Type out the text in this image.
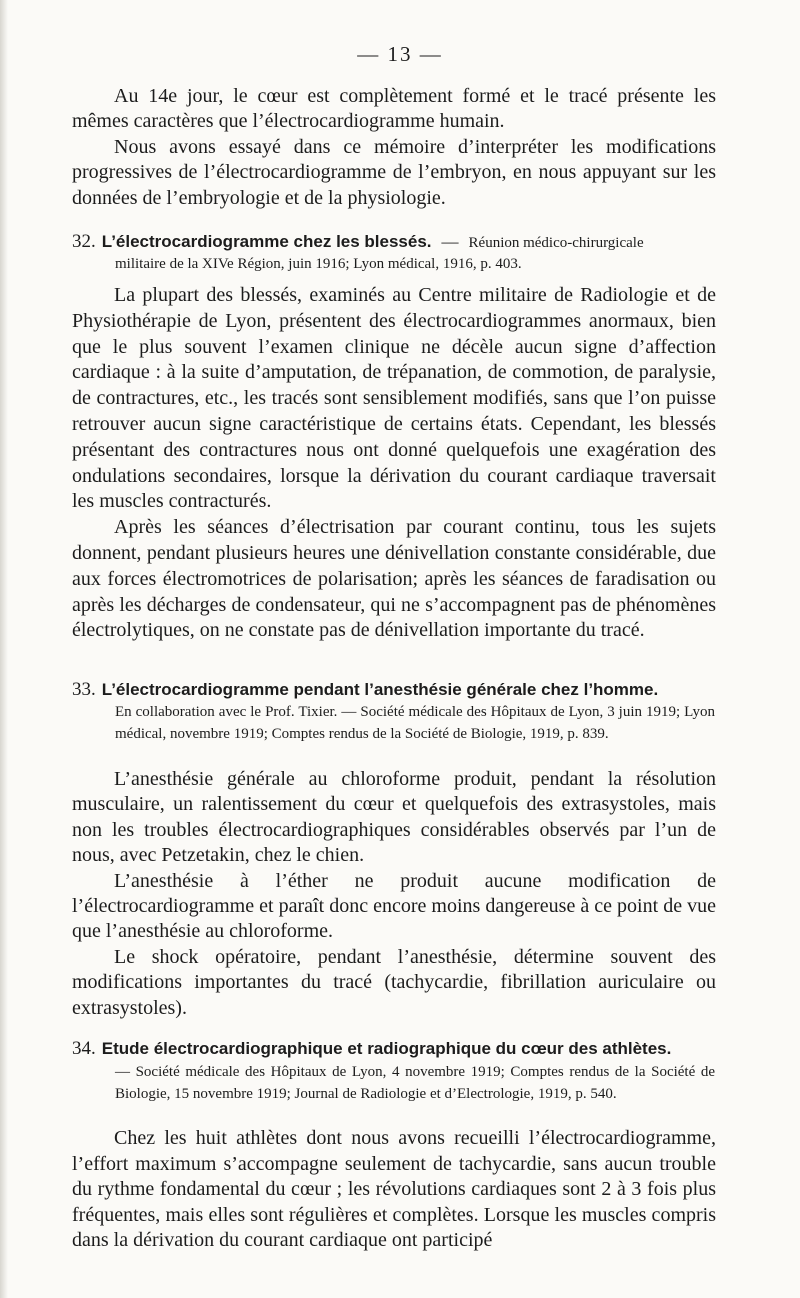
— 13 —

Au 14e jour, le cœur est complètement formé et le tracé présente les mêmes caractères que l’électrocardiogramme humain.

Nous avons essayé dans ce mémoire d’interpréter les modifications progressives de l’électrocardiogramme de l’embryon, en nous appuyant sur les données de l’embryologie et de la physiologie.

32. L’électrocardiogramme chez les blessés. — Réunion médico-chirurgicale

militaire de la XIVe Région, juin 1916; Lyon médical, 1916, p. 403.

La plupart des blessés, examinés au Centre militaire de Radiologie et de Physiothérapie de Lyon, présentent des électrocardiogrammes anormaux, bien que le plus souvent l’examen clinique ne décèle aucun signe d’affection cardiaque : à la suite d’amputation, de trépanation, de commotion, de paralysie, de contractures, etc., les tracés sont sensiblement modifiés, sans que l’on puisse retrouver aucun signe caractéristique de certains états. Cependant, les blessés présentant des contractures nous ont donné quelquefois une exagération des ondulations secondaires, lorsque la dérivation du courant cardiaque traversait les muscles contracturés.

Après les séances d’électrisation par courant continu, tous les sujets donnent, pendant plusieurs heures une dénivellation constante considérable, due aux forces électromotrices de polarisation; après les séances de faradisation ou après les décharges de condensateur, qui ne s’accompagnent pas de phénomènes électrolytiques, on ne constate pas de dénivellation importante du tracé.

33. L’électrocardiogramme pendant l’anesthésie générale chez l’homme.

En collaboration avec le Prof. Tixier. — Société médicale des Hôpitaux de Lyon, 3 juin 1919; Lyon médical, novembre 1919; Comptes rendus de la Société de Biologie, 1919, p. 839.

L’anesthésie générale au chloroforme produit, pendant la résolution musculaire, un ralentissement du cœur et quelquefois des extrasystoles, mais non les troubles électrocardiographiques considérables observés par l’un de nous, avec Petzetakin, chez le chien.

L’anesthésie à l’éther ne produit aucune modification de l’électrocardiogramme et paraît donc encore moins dangereuse à ce point de vue que l’anesthésie au chloroforme.

Le shock opératoire, pendant l’anesthésie, détermine souvent des modifications importantes du tracé (tachycardie, fibrillation auriculaire ou extrasystoles).

34. Etude électrocardiographique et radiographique du cœur des athlètes.

— Société médicale des Hôpitaux de Lyon, 4 novembre 1919; Comptes rendus de la Société de Biologie, 15 novembre 1919; Journal de Radiologie et d’Electrologie, 1919, p. 540.

Chez les huit athlètes dont nous avons recueilli l’électrocardiogramme, l’effort maximum s’accompagne seulement de tachycardie, sans aucun trouble du rythme fondamental du cœur ; les révolutions cardiaques sont 2 à 3 fois plus fréquentes, mais elles sont régulières et complètes. Lorsque les muscles compris dans la dérivation du courant cardiaque ont participé
